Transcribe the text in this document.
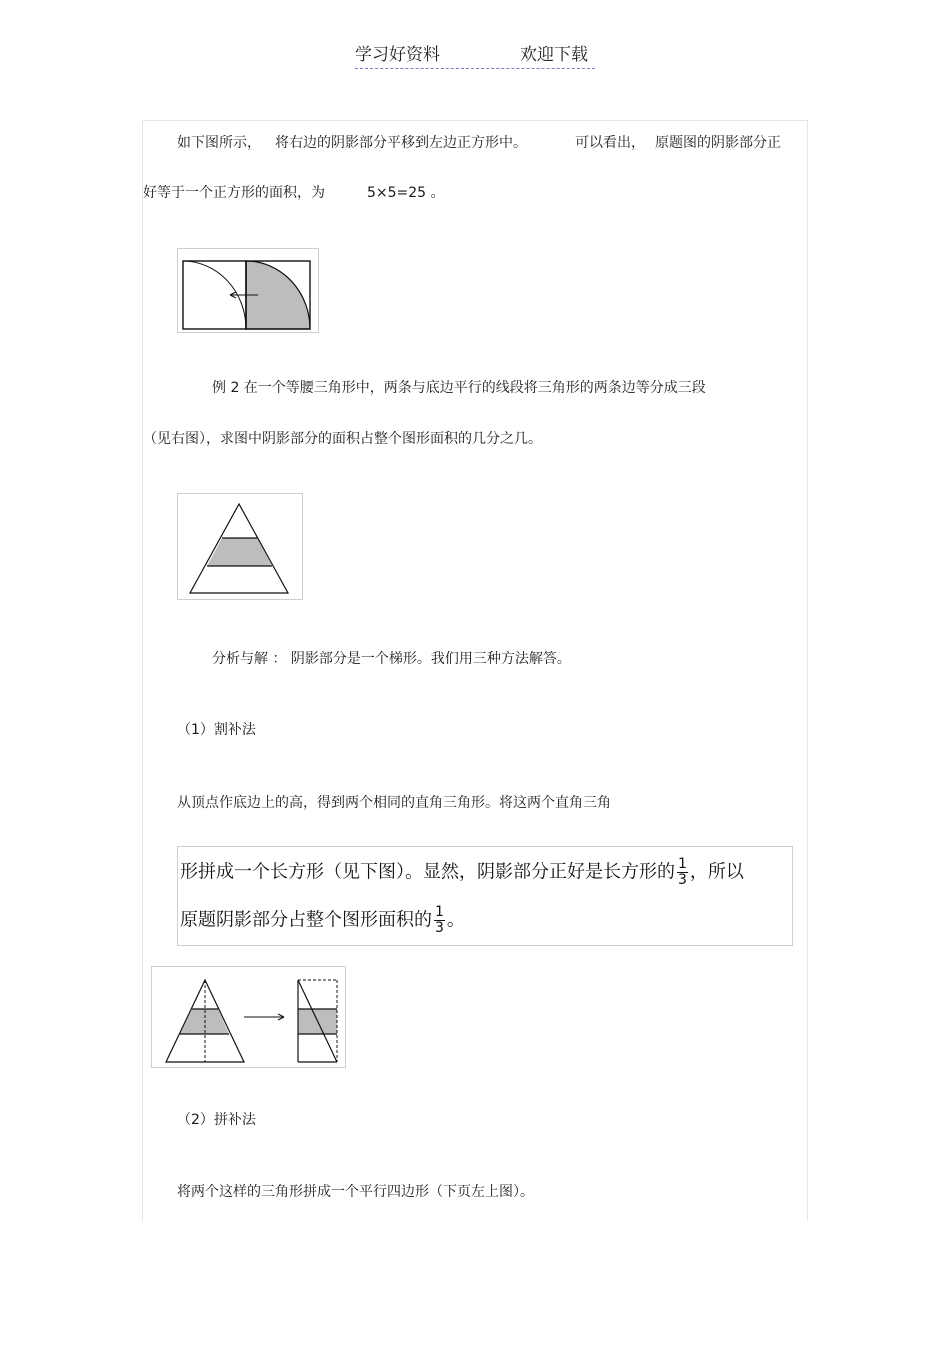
学习好资料	欢迎下载
如下图所示， 将右边的阴影部分平移到左边正方形中。	可以看出， 原题图的阴影部分正
好等于一个正方形的面积，为	5×5=25 。
例 2 在一个等腰三角形中，两条与底边平行的线段将三角形的两条边等分成三段
（见右图），求图中阴影部分的面积占整个图形面积的几分之几。
分析与解 ： 阴影部分是一个梯形。我们用三种方法解答。
（1）割补法
从顶点作底边上的高，得到两个相同的直角三角形。将这两个直角三角
形拼成一个长方形（见下图）。显然，阴影部分正好是长方形的 $\frac{1}{3}$ ，所以
原题阴影部分占整个图形面积的 $\frac{1}{3}$ 。
（2）拼补法
将两个这样的三角形拼成一个平行四边形（下页左上图）。
